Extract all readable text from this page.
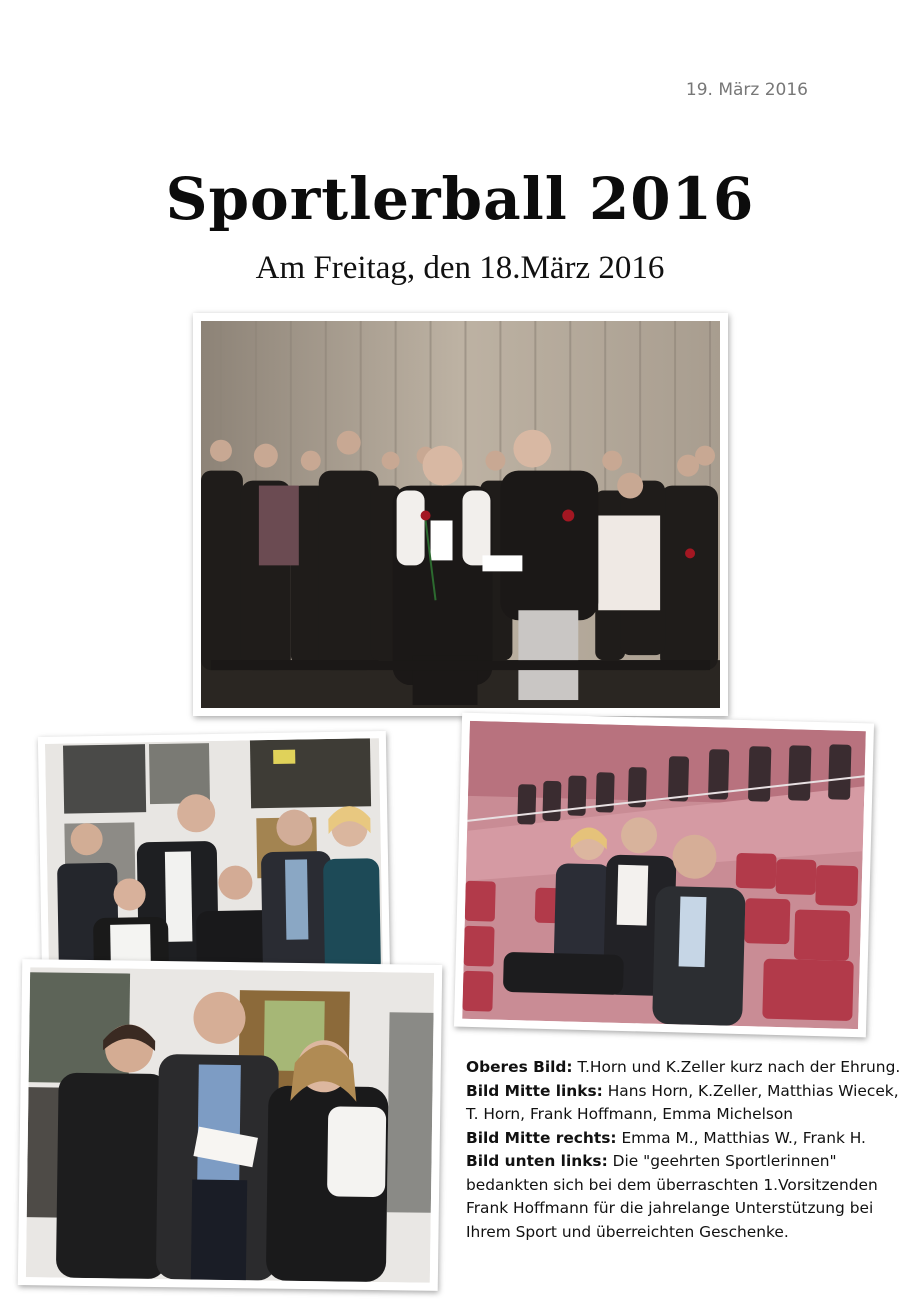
19. März 2016
Sportlerball 2016
Am Freitag, den 18.März 2016

Oberes Bild: T.Horn und K.Zeller kurz nach der Ehrung.

Bild Mitte links: Hans Horn, K.Zeller, Matthias Wiecek, T. Horn, Frank Hoffmann, Emma Michelson

Bild Mitte rechts: Emma M., Matthias W., Frank H.

Bild unten links: Die "geehrten Sportlerinnen" bedankten sich bei dem überraschten 1.Vorsitzenden Frank Hoffmann für die jahrelange Unterstützung bei Ihrem Sport und überreichten Geschenke.
